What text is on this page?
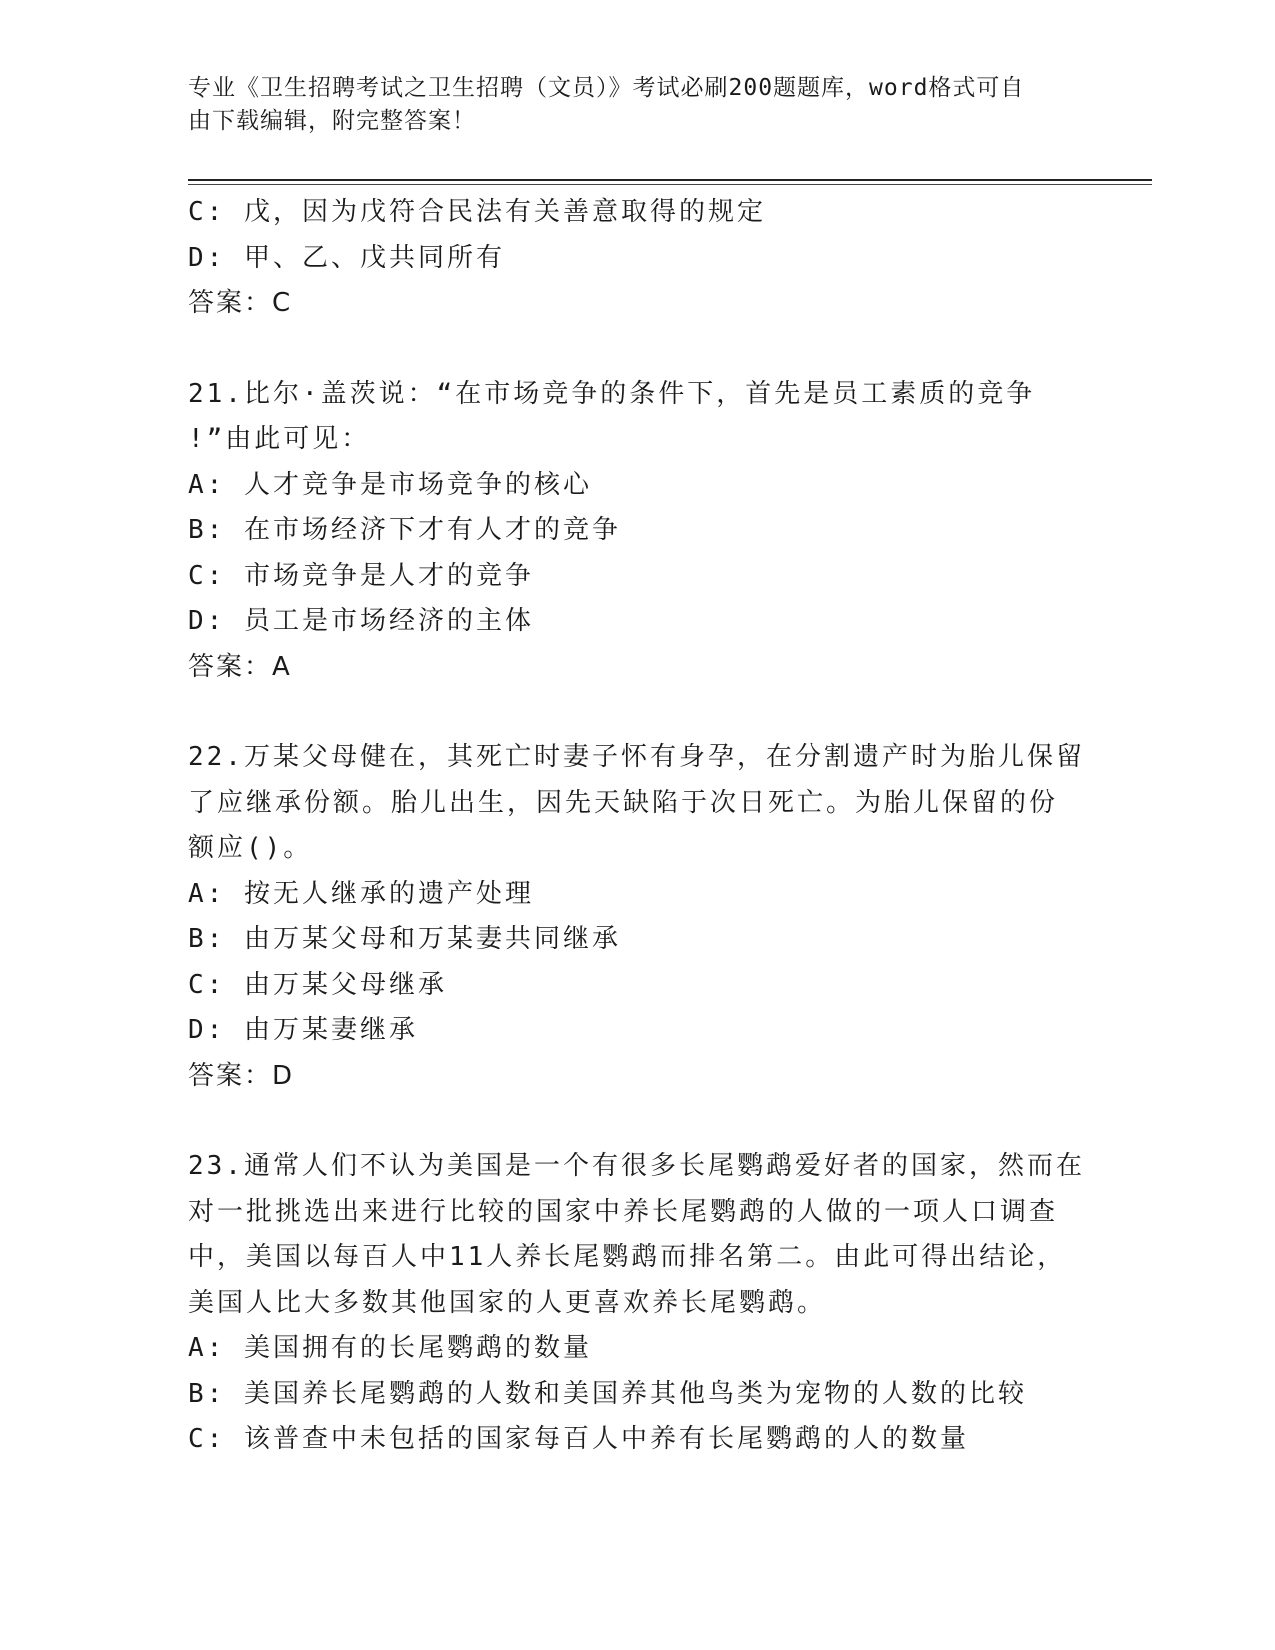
专业《卫生招聘考试之卫生招聘（文员）》考试必刷200题题库，word格式可自
由下载编辑，附完整答案！
C: 戊，因为戊符合民法有关善意取得的规定
D: 甲、乙、戊共同所有
答案：C
21.比尔·盖茨说：“在市场竞争的条件下，首先是员工素质的竞争
!”由此可见：
A: 人才竞争是市场竞争的核心
B: 在市场经济下才有人才的竞争
C: 市场竞争是人才的竞争
D: 员工是市场经济的主体
答案：A
22.万某父母健在，其死亡时妻子怀有身孕，在分割遗产时为胎儿保留
了应继承份额。胎儿出生，因先天缺陷于次日死亡。为胎儿保留的份
额应()。
A: 按无人继承的遗产处理
B: 由万某父母和万某妻共同继承
C: 由万某父母继承
D: 由万某妻继承
答案：D
23.通常人们不认为美国是一个有很多长尾鹦鹉爱好者的国家，然而在
对一批挑选出来进行比较的国家中养长尾鹦鹉的人做的一项人口调查
中，美国以每百人中11人养长尾鹦鹉而排名第二。由此可得出结论，
美国人比大多数其他国家的人更喜欢养长尾鹦鹉。
A: 美国拥有的长尾鹦鹉的数量
B: 美国养长尾鹦鹉的人数和美国养其他鸟类为宠物的人数的比较
C: 该普查中未包括的国家每百人中养有长尾鹦鹉的人的数量
